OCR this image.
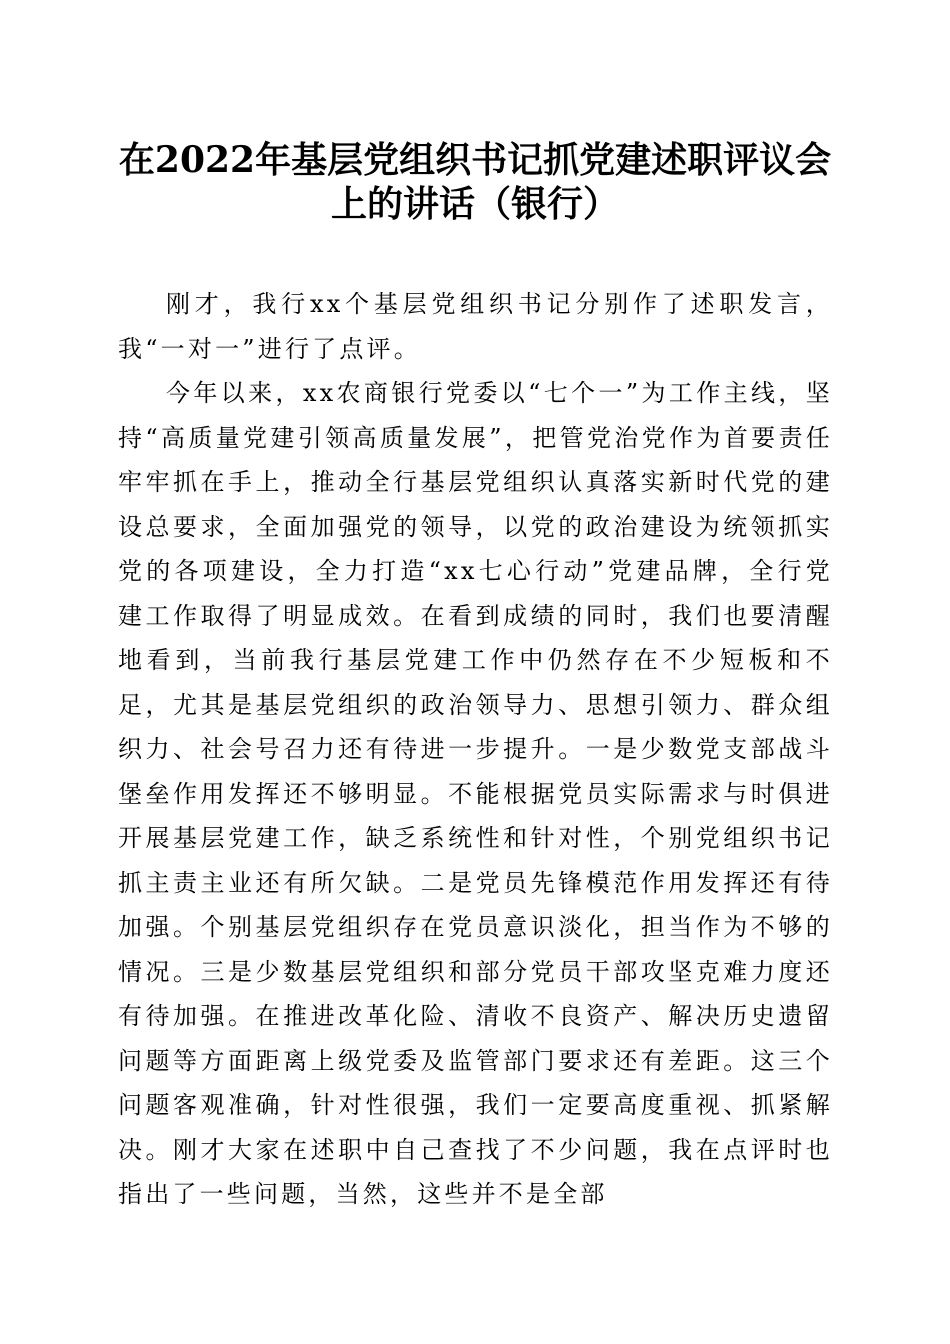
在2022年基层党组织书记抓党建述职评议会
上的讲话（银行）

刚才，我行xx个基层党组织书记分别作了述职发言，我“一对一”进行了点评。

今年以来，xx农商银行党委以“七个一”为工作主线，坚持“高质量党建引领高质量发展”，把管党治党作为首要责任牢牢抓在手上，推动全行基层党组织认真落实新时代党的建设总要求，全面加强党的领导，以党的政治建设为统领抓实党的各项建设，全力打造“xx七心行动”党建品牌，全行党建工作取得了明显成效。在看到成绩的同时，我们也要清醒地看到，当前我行基层党建工作中仍然存在不少短板和不足，尤其是基层党组织的政治领导力、思想引领力、群众组织力、社会号召力还有待进一步提升。一是少数党支部战斗堡垒作用发挥还不够明显。不能根据党员实际需求与时俱进开展基层党建工作，缺乏系统性和针对性，个别党组织书记抓主责主业还有所欠缺。二是党员先锋模范作用发挥还有待加强。个别基层党组织存在党员意识淡化，担当作为不够的情况。三是少数基层党组织和部分党员干部攻坚克难力度还有待加强。在推进改革化险、清收不良资产、解决历史遗留问题等方面距离上级党委及监管部门要求还有差距。这三个问题客观准确，针对性很强，我们一定要高度重视、抓紧解决。刚才大家在述职中自己查找了不少问题，我在点评时也指出了一些问题，当然，这些并不是全部
